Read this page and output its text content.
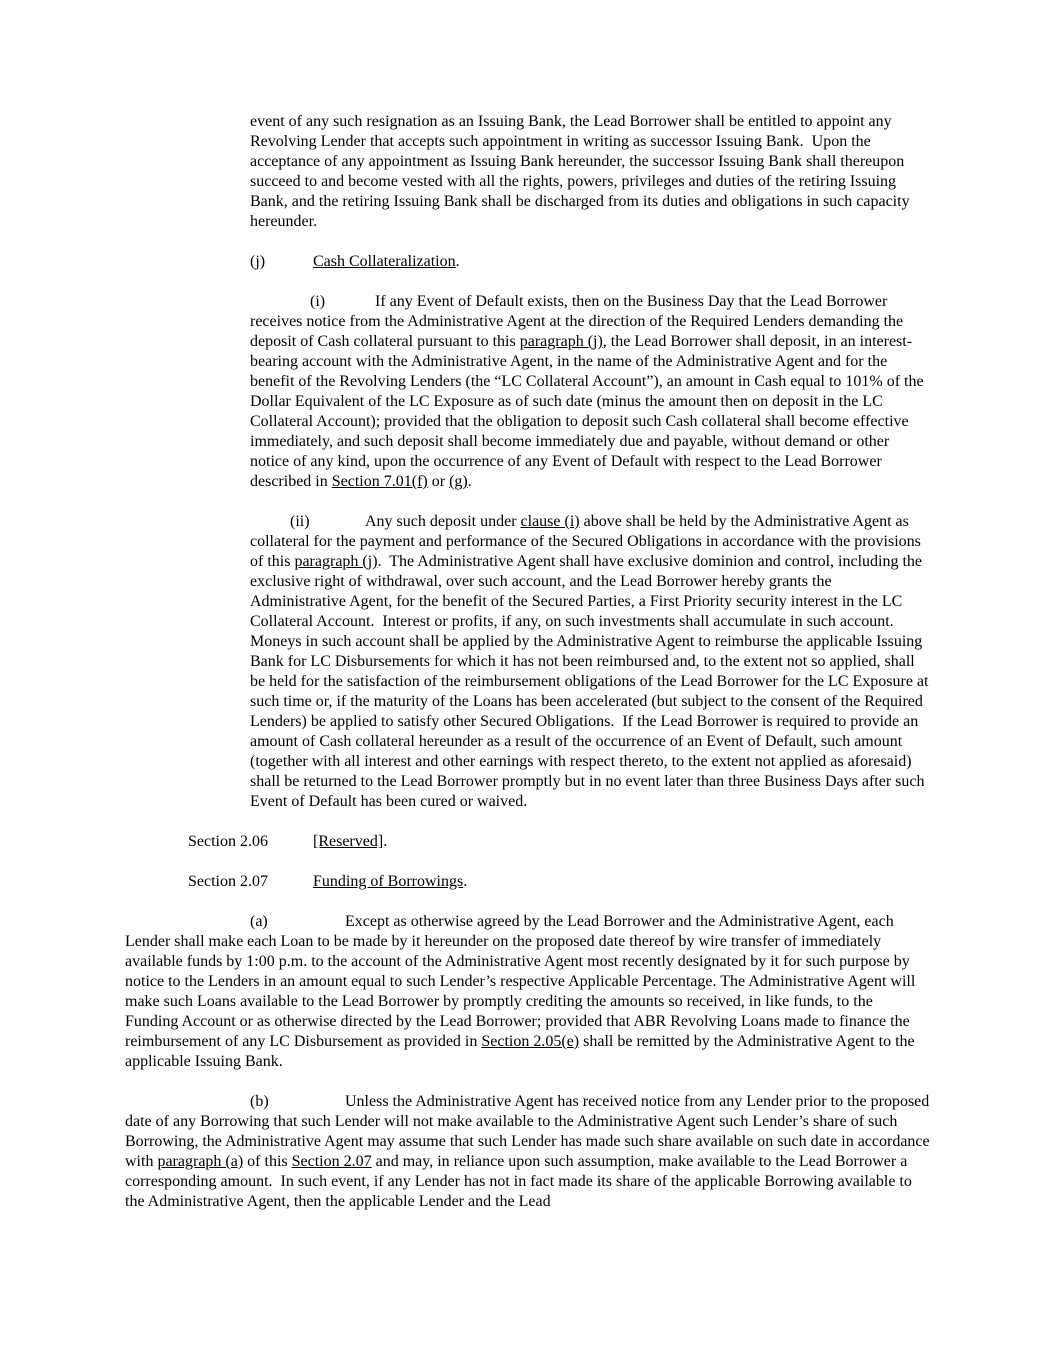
event of any such resignation as an Issuing Bank, the Lead Borrower shall be entitled to appoint any Revolving Lender that accepts such appointment in writing as successor Issuing Bank.  Upon the acceptance of any appointment as Issuing Bank hereunder, the successor Issuing Bank shall thereupon succeed to and become vested with all the rights, powers, privileges and duties of the retiring Issuing Bank, and the retiring Issuing Bank shall be discharged from its duties and obligations in such capacity hereunder.

(j)	Cash Collateralization.

(i)	If any Event of Default exists, then on the Business Day that the Lead Borrower receives notice from the Administrative Agent at the direction of the Required Lenders demanding the deposit of Cash collateral pursuant to this paragraph (j), the Lead Borrower shall deposit, in an interest-bearing account with the Administrative Agent, in the name of the Administrative Agent and for the benefit of the Revolving Lenders (the “LC Collateral Account”), an amount in Cash equal to 101% of the Dollar Equivalent of the LC Exposure as of such date (minus the amount then on deposit in the LC Collateral Account); provided that the obligation to deposit such Cash collateral shall become effective immediately, and such deposit shall become immediately due and payable, without demand or other notice of any kind, upon the occurrence of any Event of Default with respect to the Lead Borrower described in Section 7.01(f) or (g).

(ii)	Any such deposit under clause (i) above shall be held by the Administrative Agent as collateral for the payment and performance of the Secured Obligations in accordance with the provisions of this paragraph (j).  The Administrative Agent shall have exclusive dominion and control, including the exclusive right of withdrawal, over such account, and the Lead Borrower hereby grants the Administrative Agent, for the benefit of the Secured Parties, a First Priority security interest in the LC Collateral Account.  Interest or profits, if any, on such investments shall accumulate in such account.  Moneys in such account shall be applied by the Administrative Agent to reimburse the applicable Issuing Bank for LC Disbursements for which it has not been reimbursed and, to the extent not so applied, shall be held for the satisfaction of the reimbursement obligations of the Lead Borrower for the LC Exposure at such time or, if the maturity of the Loans has been accelerated (but subject to the consent of the Required Lenders) be applied to satisfy other Secured Obligations.  If the Lead Borrower is required to provide an amount of Cash collateral hereunder as a result of the occurrence of an Event of Default, such amount (together with all interest and other earnings with respect thereto, to the extent not applied as aforesaid) shall be returned to the Lead Borrower promptly but in no event later than three Business Days after such Event of Default has been cured or waived.

Section 2.06	[Reserved].

Section 2.07	Funding of Borrowings.

(a)	Except as otherwise agreed by the Lead Borrower and the Administrative Agent, each Lender shall make each Loan to be made by it hereunder on the proposed date thereof by wire transfer of immediately available funds by 1:00 p.m. to the account of the Administrative Agent most recently designated by it for such purpose by notice to the Lenders in an amount equal to such Lender’s respective Applicable Percentage. The Administrative Agent will make such Loans available to the Lead Borrower by promptly crediting the amounts so received, in like funds, to the Funding Account or as otherwise directed by the Lead Borrower; provided that ABR Revolving Loans made to finance the reimbursement of any LC Disbursement as provided in Section 2.05(e) shall be remitted by the Administrative Agent to the applicable Issuing Bank.

(b)	Unless the Administrative Agent has received notice from any Lender prior to the proposed date of any Borrowing that such Lender will not make available to the Administrative Agent such Lender’s share of such Borrowing, the Administrative Agent may assume that such Lender has made such share available on such date in accordance with paragraph (a) of this Section 2.07 and may, in reliance upon such assumption, make available to the Lead Borrower a corresponding amount.  In such event, if any Lender has not in fact made its share of the applicable Borrowing available to the Administrative Agent, then the applicable Lender and the Lead
